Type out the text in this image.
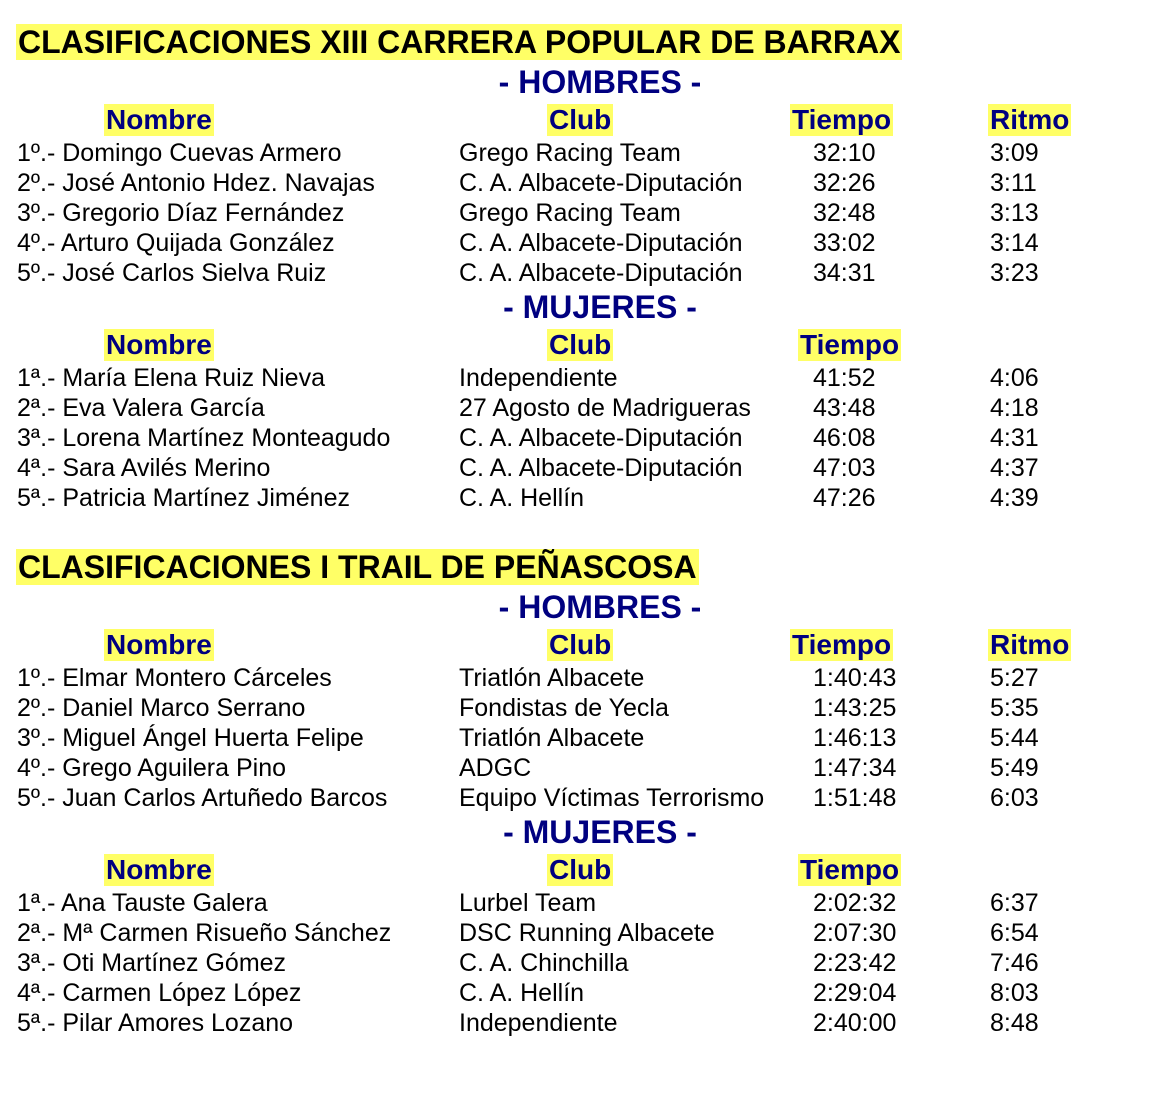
CLASIFICACIONES XIII CARRERA POPULAR DE BARRAX
- HOMBRES -
Nombre	Club	Tiempo	Ritmo
1º.- Domingo Cuevas Armero	Grego Racing Team	32:10	3:09
2º.- José Antonio Hdez. Navajas	C. A. Albacete-Diputación	32:26	3:11
3º.- Gregorio Díaz Fernández	Grego Racing Team	32:48	3:13
4º.- Arturo Quijada González	C. A. Albacete-Diputación	33:02	3:14
5º.- José Carlos Sielva Ruiz	C. A. Albacete-Diputación	34:31	3:23
- MUJERES -
Nombre	Club	Tiempo
1ª.- María Elena Ruiz Nieva	Independiente	41:52	4:06
2ª.- Eva Valera García	27 Agosto de Madrigueras 43:48	4:18
3ª.- Lorena Martínez Monteagudo	C. A. Albacete-Diputación	46:08	4:31
4ª.- Sara Avilés Merino	C. A. Albacete-Diputación	47:03	4:37
5ª.- Patricia Martínez Jiménez	C. A. Hellín	47:26	4:39
CLASIFICACIONES I TRAIL DE PEÑASCOSA
- HOMBRES -
Nombre	Club	Tiempo	Ritmo
1º.- Elmar Montero Cárceles	Triatlón Albacete	1:40:43	5:27
2º.- Daniel Marco Serrano	Fondistas de Yecla	1:43:25	5:35
3º.- Miguel Ángel Huerta Felipe	Triatlón Albacete	1:46:13	5:44
4º.- Grego Aguilera Pino	ADGC	1:47:34	5:49
5º.- Juan Carlos Artuñedo Barcos	Equipo Víctimas Terrorismo 1:51:48	6:03
- MUJERES -
Nombre	Club	Tiempo
1ª.- Ana Tauste Galera	Lurbel Team	2:02:32	6:37
2ª.- Mª Carmen Risueño Sánchez	DSC Running Albacete	2:07:30	6:54
3ª.- Oti Martínez Gómez	C. A. Chinchilla	2:23:42	7:46
4ª.- Carmen López López	C. A. Hellín	2:29:04	8:03
5ª.- Pilar Amores Lozano	Independiente	2:40:00	8:48
